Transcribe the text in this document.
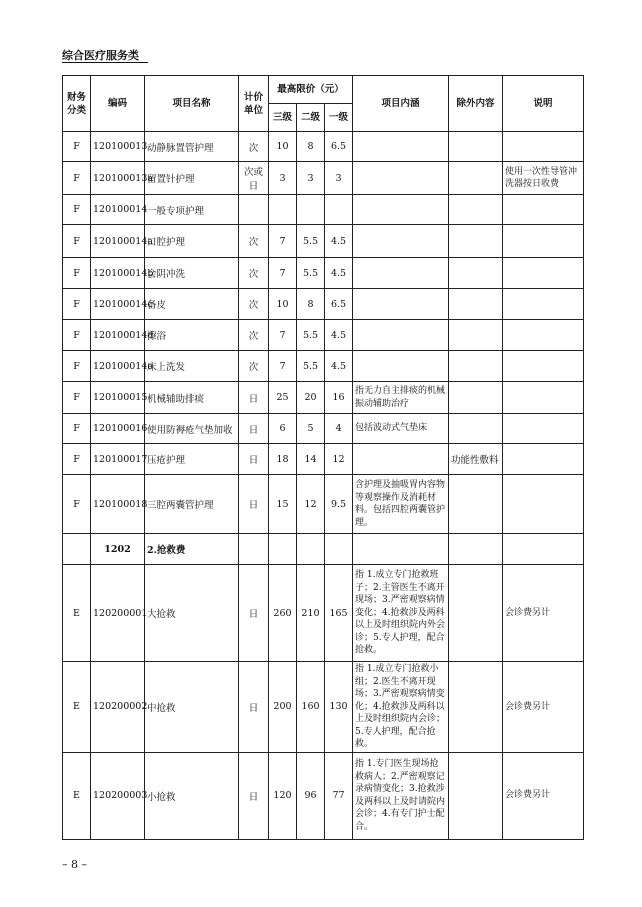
综合医疗服务类
财务分类	编码	项目名称	计价单位	最高限价（元）			项目内涵	除外内容	说明
				三级	二级	一级			
F	120100013	动静脉置管护理	次	10	8	6.5			
F	120100013a	留置针护理	次或日	3	3	3			使用一次性导管冲洗器按日收费
F	120100014	一般专项护理							
F	120100014a	口腔护理	次	7	5.5	4.5			
F	120100014b	会阴冲洗	次	7	5.5	4.5			
F	120100014c	备皮	次	10	8	6.5			
F	120100014d	擦浴	次	7	5.5	4.5			
F	120100014e	床上洗发	次	7	5.5	4.5			
F	120100015	机械辅助排痰	日	25	20	16	指无力自主排痰的机械振动辅助治疗		
F	120100016	使用防褥疮气垫加收	日	6	5	4	包括波动式气垫床		
F	120100017	压疮护理	日	18	14	12		功能性敷料	
F	120100018	三腔两囊管护理	日	15	12	9.5	含护理及抽吸胃内容物等观察操作及消耗材料。包括四腔两囊管护理。		
	1202	2.抢救费							
E	120200001	大抢救	日	260	210	165	指 1.成立专门抢救班子；2.主管医生不离开现场；3.严密观察病情变化；4.抢救涉及两科以上及时组织院内外会诊；5.专人护理，配合抢救。		会诊费另计
E	120200002	中抢救	日	200	160	130	指 1.成立专门抢救小组；2.医生不离开现场；3.严密观察病情变化；4.抢救涉及两科以上及时组织院内会诊；5.专人护理，配合抢救。		会诊费另计
E	120200003	小抢救	日	120	96	77	指 1.专门医生现场抢救病人；2.严密观察记录病情变化；3.抢救涉及两科以上及时请院内会诊；4.有专门护士配合。		会诊费另计
– 8 –
